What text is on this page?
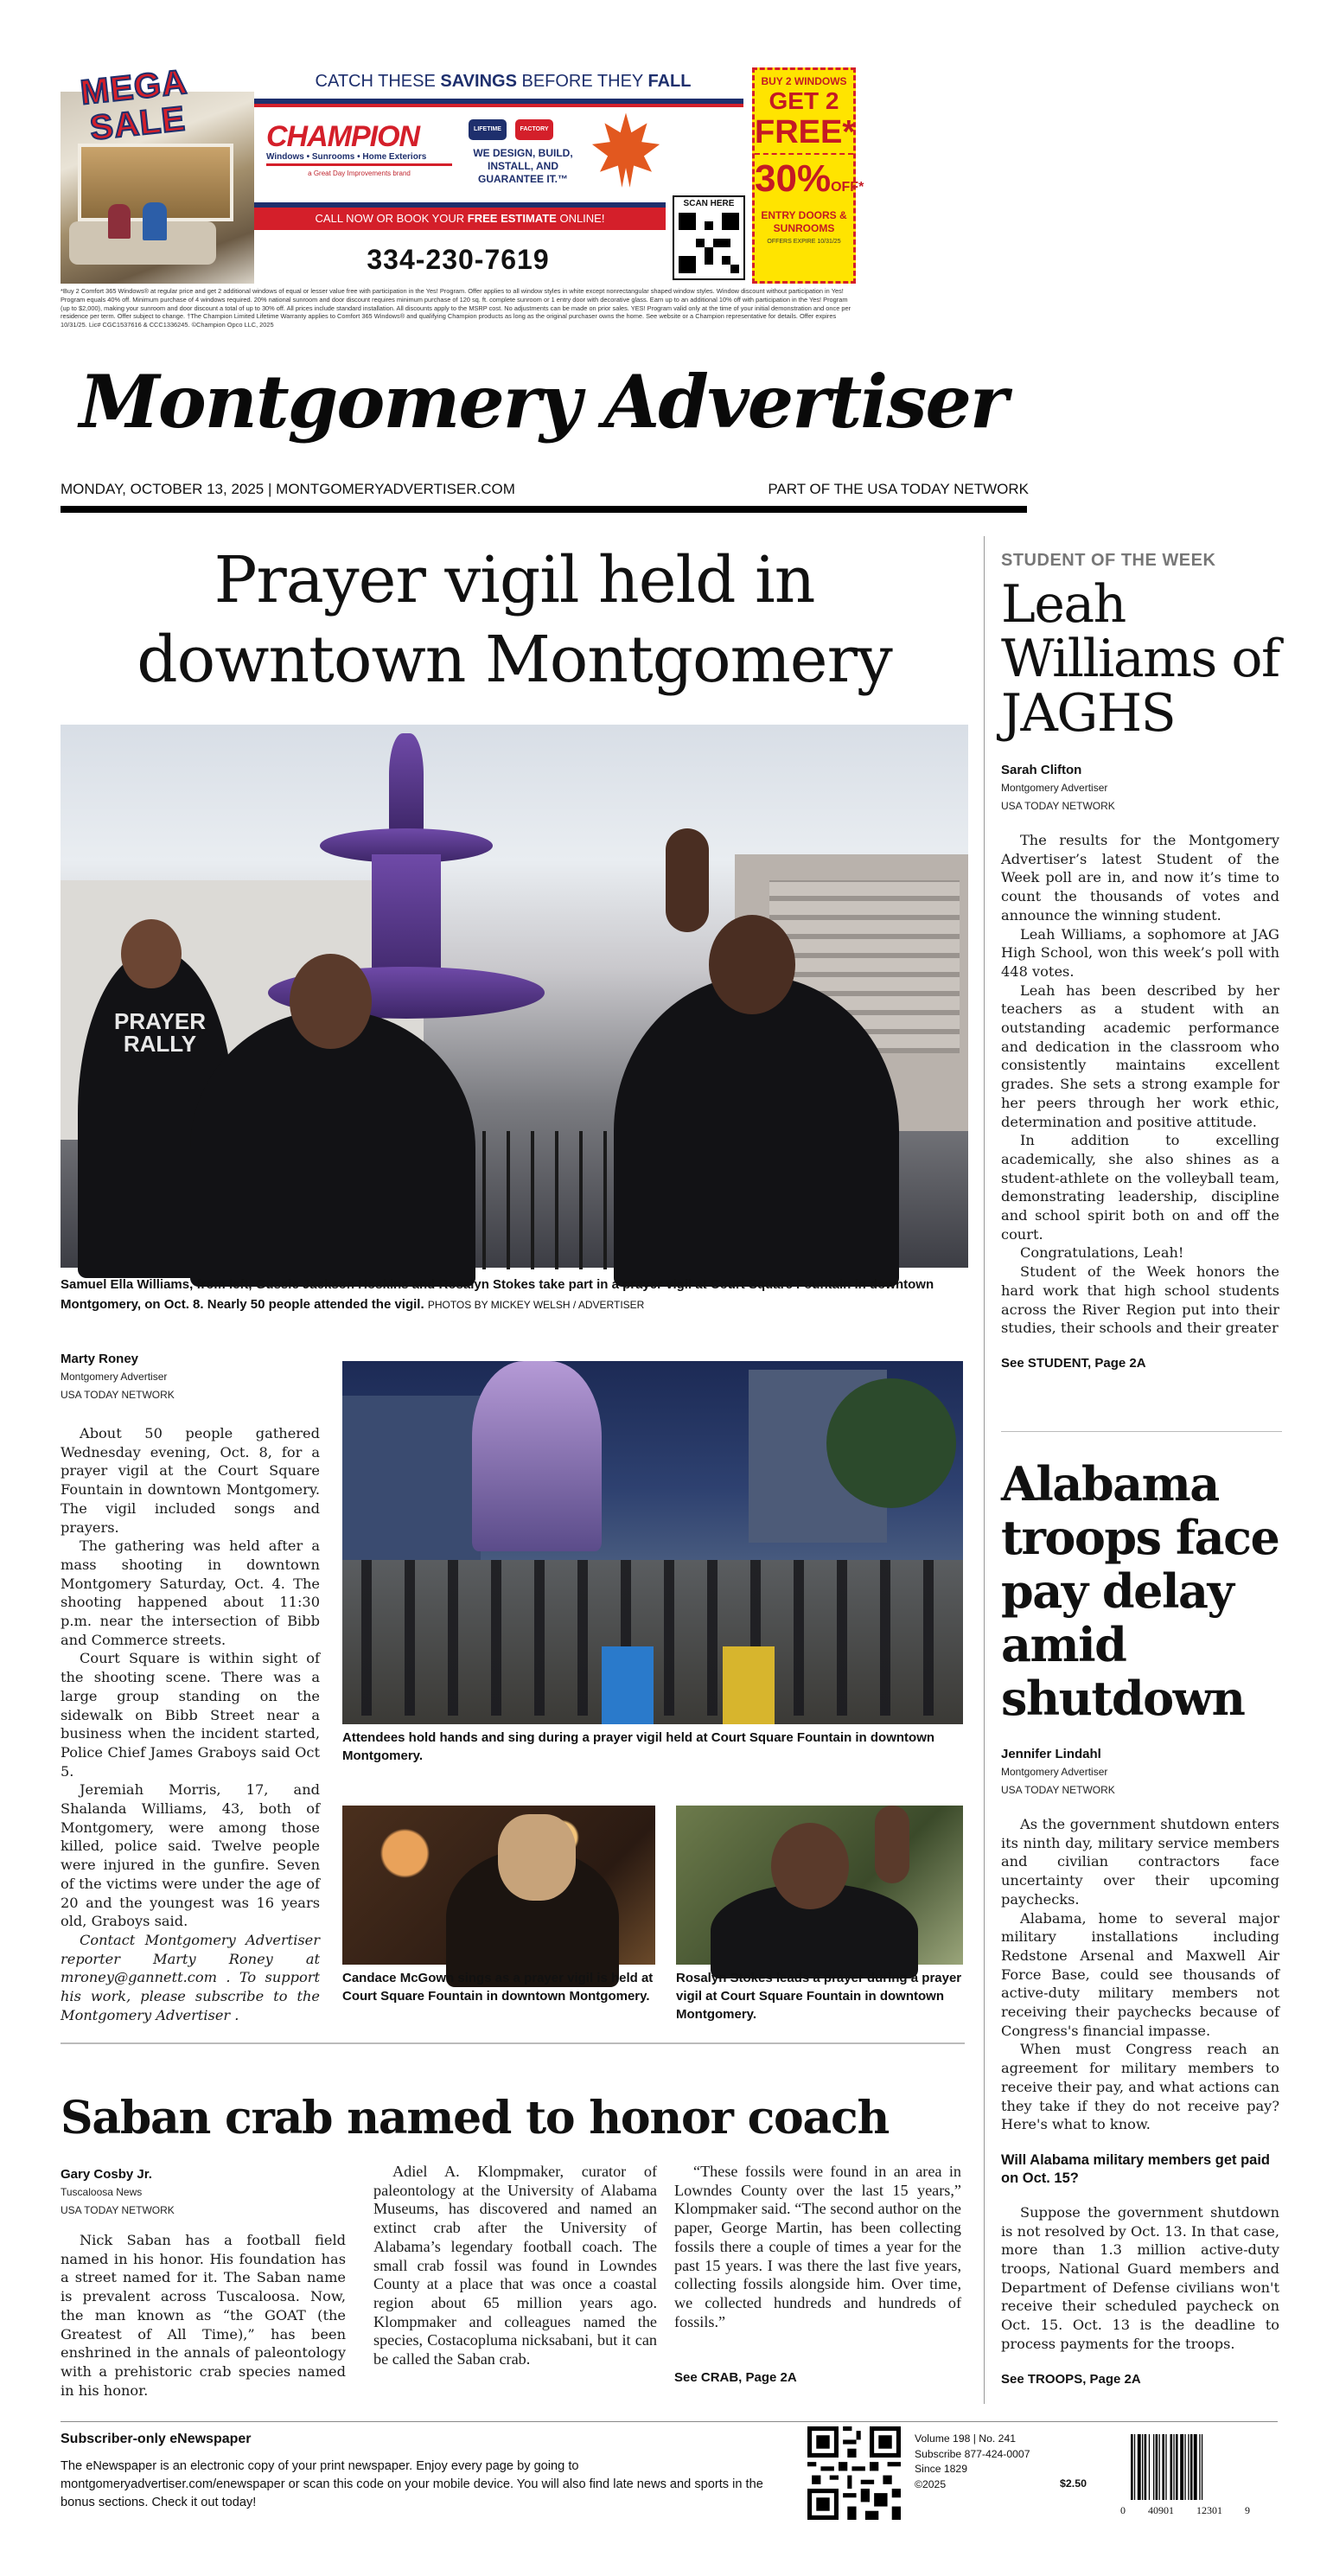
MEGA
SALE
CATCH THESE SAVINGS BEFORE THEY FALL
CHAMPION
Windows • Sunrooms • Home Exteriors
a Great Day Improvements brand
LIFETIME	FACTORY
WE DESIGN, BUILD, INSTALL, AND GUARANTEE IT.™
CALL NOW OR BOOK YOUR FREE ESTIMATE ONLINE!
334-230-7619
SCAN HERE
BUY 2 WINDOWS
GET 2
FREE*
30%OFF*
ENTRY DOORS & SUNROOMS
OFFERS EXPIRE 10/31/25
*Buy 2 Comfort 365 Windows® at regular price and get 2 additional windows of equal or lesser value free with participation in the Yes! Program. Offer applies to all window styles in white except nonrectangular shaped window styles. Window discount without participation in Yes! Program equals 40% off. Minimum purchase of 4 windows required. 20% national sunroom and door discount requires minimum purchase of 120 sq. ft. complete sunroom or 1 entry door with decorative glass. Earn up to an additional 10% off with participation in the Yes! Program (up to $2,000), making your sunroom and door discount a total of up to 30% off. All prices include standard installation. All discounts apply to the MSRP cost. No adjustments can be made on prior sales. YES! Program valid only at the time of your initial demonstration and once per residence per term. Offer subject to change. †The Champion Limited Lifetime Warranty applies to Comfort 365 Windows® and qualifying Champion products as long as the original purchaser owns the home. See website or a Champion representative for details. Offer expires 10/31/25. Lic# CGC1537616 & CCC1336245. ©Champion Opco LLC, 2025
Montgomery Advertiser
MONDAY, OCTOBER 13, 2025 | MONTGOMERYADVERTISER.COM	PART OF THE USA TODAY NETWORK
Prayer vigil held in downtown Montgomery
PRAYER RALLY
Samuel Ella Williams, from left, Gussie Jackson Hoskins and Rosalyn Stokes take part in a prayer vigil at Court Square Fountain in downtown Montgomery, on Oct. 8. Nearly 50 people attended the vigil. PHOTOS BY MICKEY WELSH / ADVERTISER
Marty Roney
Montgomery Advertiser
USA TODAY NETWORK

About 50 people gathered Wednesday evening, Oct. 8, for a prayer vigil at the Court Square Fountain in downtown Montgomery. The vigil included songs and prayers.

The gathering was held after a mass shooting in downtown Montgomery Saturday, Oct. 4. The shooting happened about 11:30 p.m. near the intersection of Bibb and Commerce streets.

Court Square is within sight of the shooting scene. There was a large group standing on the sidewalk on Bibb Street near a business when the incident started, Police Chief James Graboys said Oct 5.

Jeremiah Morris, 17, and Shalanda Williams, 43, both of Montgomery, were among those killed, police said. Twelve people were injured in the gunfire. Seven of the victims were under the age of 20 and the youngest was 16 years old, Graboys said.

Contact Montgomery Advertiser reporter Marty Roney at mroney@gannett.com . To support his work, please subscribe to the Montgomery Advertiser .

Attendees hold hands and sing during a prayer vigil held at Court Square Fountain in downtown Montgomery.
Candace McGown sings as a prayer vigil is held at Court Square Fountain in downtown Montgomery.
Rosalyn Stokes leads a prayer during a prayer vigil at Court Square Fountain in downtown Montgomery.
Saban crab named to honor coach
Gary Cosby Jr.
Tuscaloosa News
USA TODAY NETWORK

Nick Saban has a football field named in his honor. His foundation has a street named for it. The Saban name is prevalent across Tuscaloosa. Now, the man known as “the GOAT (the Greatest of All Time),” has been enshrined in the annals of paleontology with a prehistoric crab species named in his honor.

Adiel A. Klompmaker, curator of paleontology at the University of Alabama Museums, has discovered and named an extinct crab after the University of Alabama’s legendary football coach. The small crab fossil was found in Lowndes County at a place that was once a coastal region about 65 million years ago. Klompmaker and colleagues named the species, Costacopluma nicksabani, but it can be called the Saban crab.

“These fossils were found in an area in Lowndes County over the last 15 years,” Klompmaker said. “The second author on the paper, George Martin, has been collecting fossils there a couple of times a year for the past 15 years. I was there the last five years, collecting fossils alongside him. Over time, we collected hundreds and hundreds of fossils.”

See CRAB, Page 2A
STUDENT OF THE WEEK
Leah Williams of JAGHS
Sarah Clifton
Montgomery Advertiser
USA TODAY NETWORK

The results for the Montgomery Advertiser’s latest Student of the Week poll are in, and now it’s time to count the thousands of votes and announce the winning student.

Leah Williams, a sophomore at JAG High School, won this week’s poll with 448 votes.

Leah has been described by her teachers as a student with an outstanding academic performance and dedication in the classroom who consistently maintains excellent grades. She sets a strong example for her peers through her work ethic, determination and positive attitude.

In addition to excelling academically, she also shines as a student-athlete on the volleyball team, demonstrating leadership, discipline and school spirit both on and off the court.

Congratulations, Leah!

Student of the Week honors the hard work that high school students across the River Region put into their studies, their schools and their greater

See STUDENT, Page 2A
Alabama troops face pay delay amid shutdown
Jennifer Lindahl
Montgomery Advertiser
USA TODAY NETWORK

As the government shutdown enters its ninth day, military service members and civilian contractors face uncertainty over their upcoming paychecks.

Alabama, home to several major military installations including Redstone Arsenal and Maxwell Air Force Base, could see thousands of active-duty military members not receiving their paychecks because of Congress's financial impasse.

When must Congress reach an agreement for military members to receive their pay, and what actions can they take if they do not receive pay? Here's what to know.

Will Alabama military members get paid on Oct. 15?

Suppose the government shutdown is not resolved by Oct. 13. In that case, more than 1.3 million active-duty troops, National Guard members and Department of Defense civilians won't receive their scheduled paycheck on Oct. 15. Oct. 13 is the deadline to process payments for the troops.

See TROOPS, Page 2A
Subscriber-only eNewspaper
The eNewspaper is an electronic copy of your print newspaper. Enjoy every page by going to montgomeryadvertiser.com/enewspaper or scan this code on your mobile device. You will also find late news and sports in the bonus sections. Check it out today!
Volume 198 | No. 241
Subscribe 877-424-0007
Since 1829
©2025	$2.50
0 40901 12301 9
